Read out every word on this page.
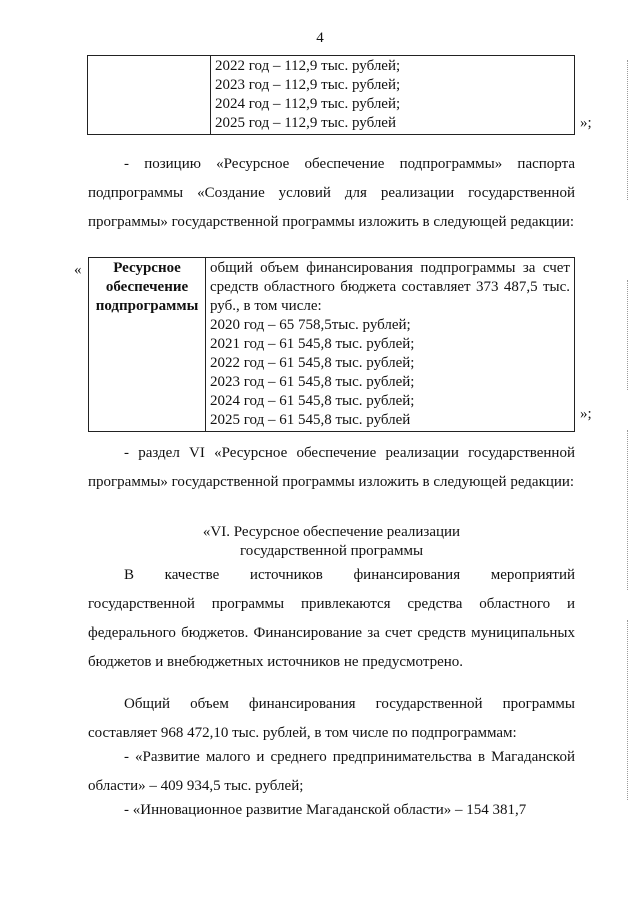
4

2022 год – 112,9 тыс. рублей;
2023 год – 112,9 тыс. рублей;
2024 год – 112,9 тыс. рублей;
2025 год – 112,9 тыс. рублей	»;
- позицию «Ресурсное обеспечение подпрограммы» паспорта подпрограммы «Создание условий для реализации государственной программы» государственной программы изложить в следующей редакции:
«	Ресурсное
обеспечение
подпрограммы

общий объем финансирования подпрограммы за счет средств областного бюджета составляет 373 487,5 тыс. руб., в том числе:
2020 год – 65 758,5тыс. рублей;
2021 год – 61 545,8 тыс. рублей;
2022 год – 61 545,8 тыс. рублей;
2023 год – 61 545,8 тыс. рублей;
2024 год – 61 545,8 тыс. рублей;
2025 год – 61 545,8 тыс. рублей	»;
- раздел VI «Ресурсное обеспечение реализации государственной программы» государственной программы изложить в следующей редакции:
«VI. Ресурсное обеспечение реализации
государственной программы
В качестве источников финансирования мероприятий государственной программы привлекаются средства областного и федерального бюджетов. Финансирование за счет средств муниципальных бюджетов и внебюджетных источников не предусмотрено.
Общий объем финансирования государственной программы составляет 968 472,10 тыс. рублей, в том числе по подпрограммам:
- «Развитие малого и среднего предпринимательства в Магаданской области» – 409 934,5 тыс. рублей;
- «Инновационное развитие Магаданской области» – 154 381,7
